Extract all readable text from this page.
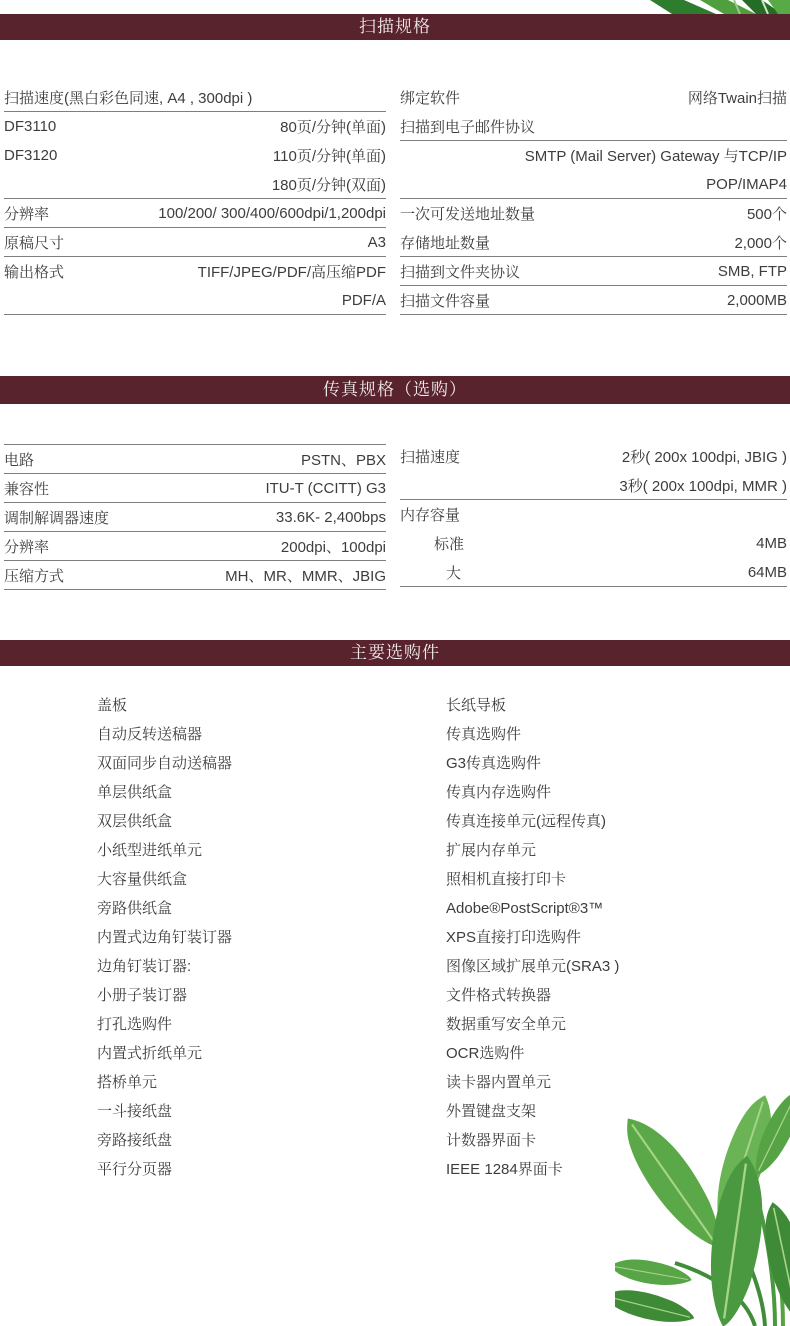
扫描规格
扫描速度(黑白彩色同速, A4 , 300dpi )
DF3110	80页/分钟(单面)
DF3120	110页/分钟(单面)
180页/分钟(双面)
分辨率	100/200/ 300/400/600dpi/1,200dpi
原稿尺寸	A3
输出格式	TIFF/JPEG/PDF/高压缩PDF
PDF/A
绑定软件	网络Twain扫描
扫描到电子邮件协议
SMTP (Mail Server) Gateway 与TCP/IP
POP/IMAP4
一次可发送地址数量	500个
存储地址数量	2,000个
扫描到文件夹协议	SMB, FTP
扫描文件容量	2,000MB
传真规格（选购）
电路	PSTN、PBX
兼容性	ITU-T (CCITT) G3
调制解调器速度	33.6K- 2,400bps
分辨率	200dpi、100dpi
压缩方式	MH、MR、MMR、JBIG
扫描速度	2秒( 200x 100dpi, JBIG )
3秒( 200x 100dpi, MMR )
内存容量
标准	4MB
大	64MB
主要选购件
盖板
自动反转送稿器
双面同步自动送稿器
单层供纸盒
双层供纸盒
小纸型进纸单元
大容量供纸盒
旁路供纸盒
内置式边角钉装订器
边角钉装订器:
小册子装订器
打孔选购件
内置式折纸单元
搭桥单元
一斗接纸盘
旁路接纸盘
平行分页器
长纸导板
传真选购件
G3传真选购件
传真内存选购件
传真连接单元(远程传真)
扩展内存单元
照相机直接打印卡
Adobe®PostScript®3™
XPS直接打印选购件
图像区域扩展单元(SRA3 )
文件格式转换器
数据重写安全单元
OCR选购件
读卡器内置单元
外置键盘支架
计数器界面卡
IEEE 1284界面卡
